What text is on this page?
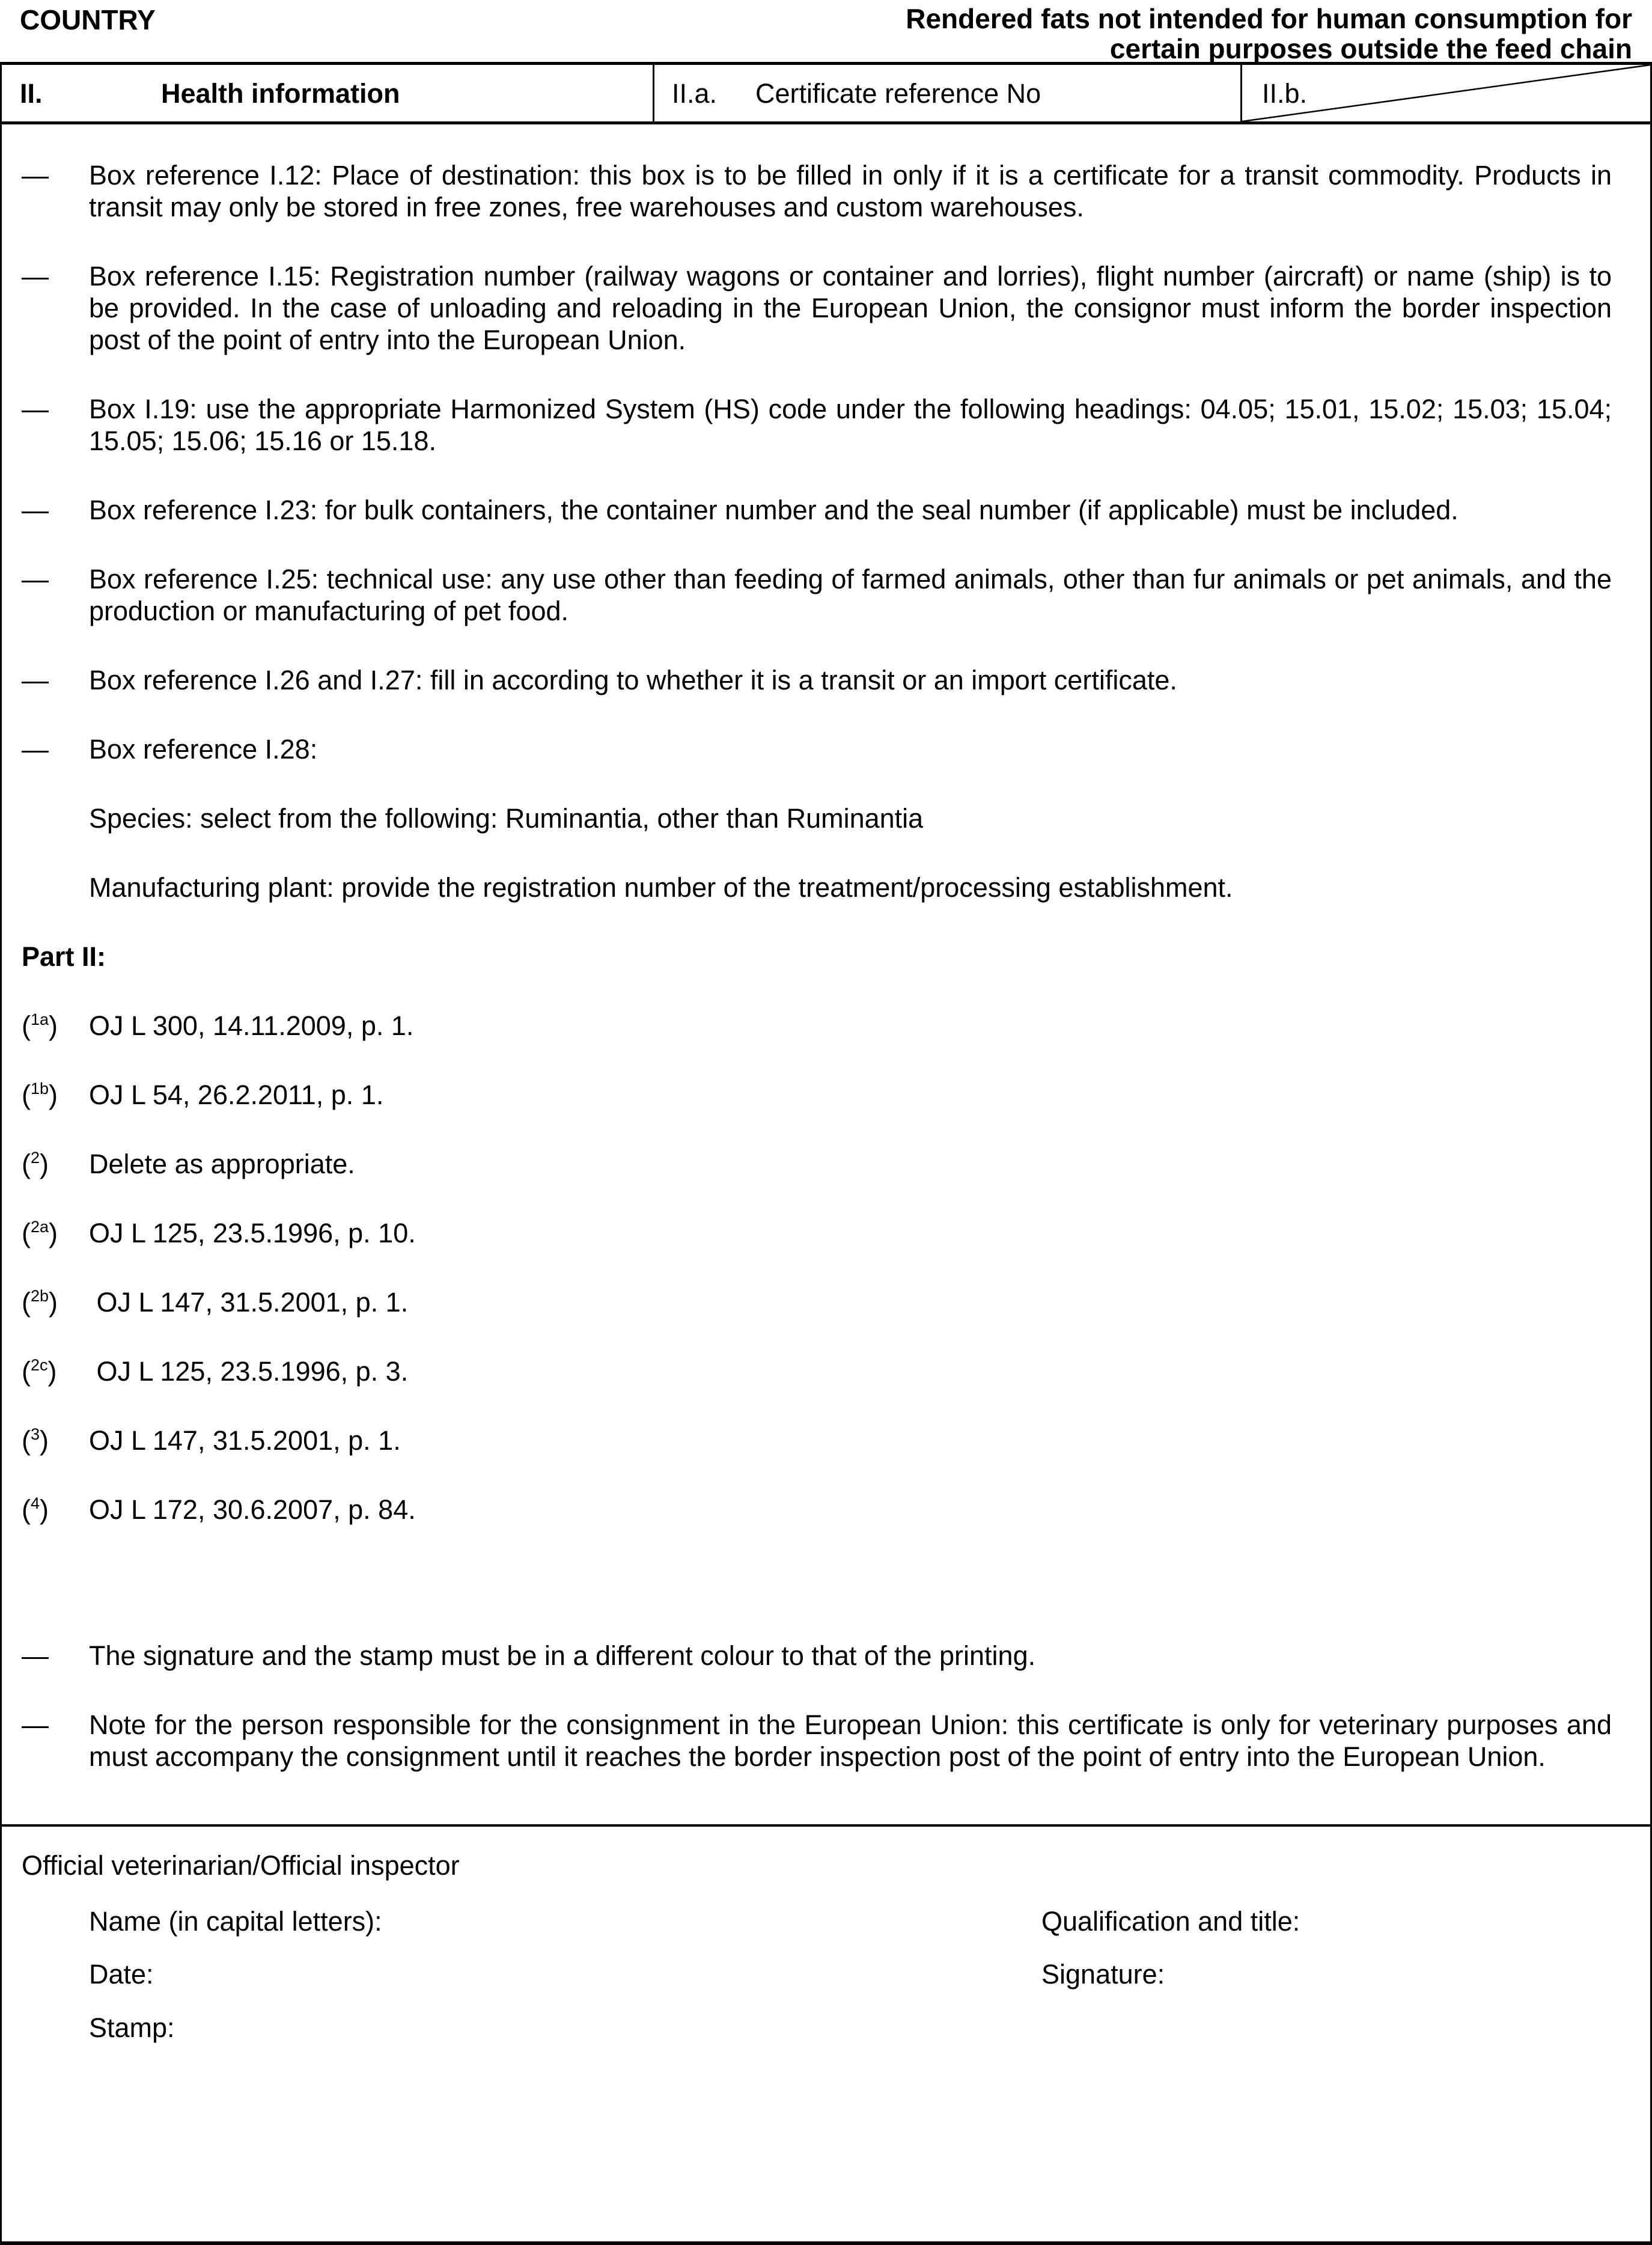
COUNTRY	Rendered fats not intended for human consumption for
certain purposes outside the feed chain
II.	Health information	II.a.	Certificate reference No	II.b.
— Box reference I.12: Place of destination: this box is to be filled in only if it is a certificate for a transit commodity. Products in transit may only be stored in free zones, free warehouses and custom warehouses.
— Box reference I.15: Registration number (railway wagons or container and lorries), flight number (aircraft) or name (ship) is to be provided. In the case of unloading and reloading in the European Union, the consignor must inform the border inspection post of the point of entry into the European Union.
— Box I.19: use the appropriate Harmonized System (HS) code under the following headings: 04.05; 15.01, 15.02; 15.03; 15.04; 15.05; 15.06; 15.16 or 15.18.
— Box reference I.23: for bulk containers, the container number and the seal number (if applicable) must be included.
— Box reference I.25: technical use: any use other than feeding of farmed animals, other than fur animals or pet animals, and the production or manufacturing of pet food.
— Box reference I.26 and I.27: fill in according to whether it is a transit or an import certificate.
— Box reference I.28:
Species: select from the following: Ruminantia, other than Ruminantia
Manufacturing plant: provide the registration number of the treatment/processing establishment.
Part II:
($^{1a}$) OJ L 300, 14.11.2009, p. 1.
($^{1b}$) OJ L 54, 26.2.2011, p. 1.
($^2$) Delete as appropriate.
($^{2a}$) OJ L 125, 23.5.1996, p. 10.
($^{2b}$) OJ L 147, 31.5.2001, p. 1.
($^{2c}$) OJ L 125, 23.5.1996, p. 3.
($^3$) OJ L 147, 31.5.2001, p. 1.
($^4$) OJ L 172, 30.6.2007, p. 84.
— The signature and the stamp must be in a different colour to that of the printing.
— Note for the person responsible for the consignment in the European Union: this certificate is only for veterinary purposes and must accompany the consignment until it reaches the border inspection post of the point of entry into the European Union.
Official veterinarian/Official inspector
Name (in capital letters):	Qualification and title:
Date:	Signature:
Stamp:
